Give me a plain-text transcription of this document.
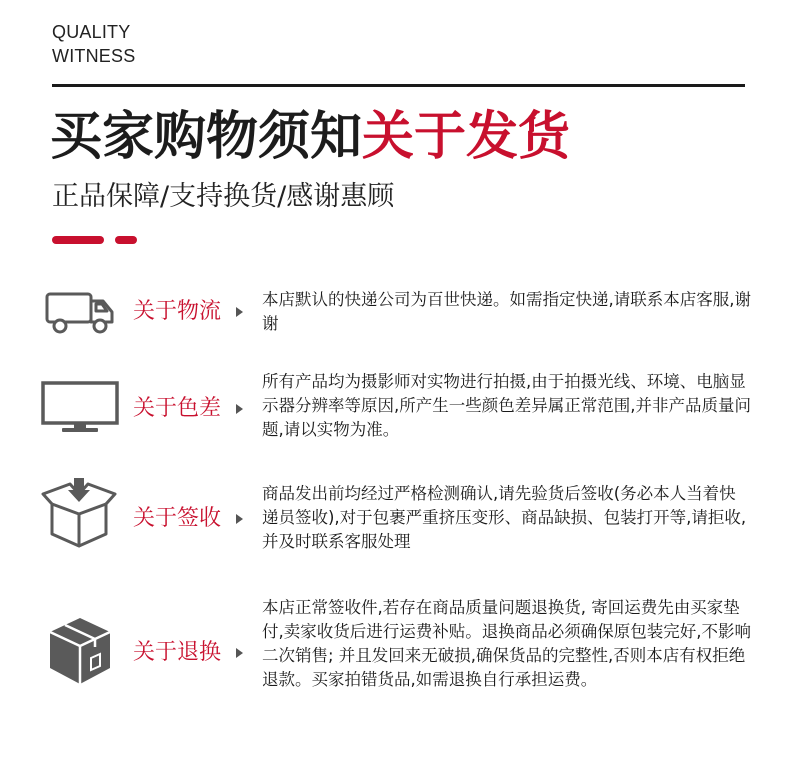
QUALITY
WITNESS
买家购物须知关于发货
正品保障/支持换货/感谢惠顾
关于物流 本店默认的快递公司为百世快递。如需指定快递,请联系本店客服,谢谢

关于色差

所有产品均为摄影师对实物进行拍摄,由于拍摄光线、环境、电脑显示器分辨率等原因,所产生一些颜色差异属正常范围,并非产品质量问题,请以实物为准。

关于签收

商品发出前均经过严格检测确认,请先验货后签收(务必本人当着快递员签收),对于包裹严重挤压变形、商品缺损、包装打开等,请拒收,并及时联系客服处理

关于退换

本店正常签收件,若存在商品质量问题退换货, 寄回运费先由买家垫付,卖家收货后进行运费补贴。退换商品必须确保原包装完好,不影响二次销售; 并且发回来无破损,确保货品的完整性,否则本店有权拒绝退款。买家拍错货品,如需退换自行承担运费。
